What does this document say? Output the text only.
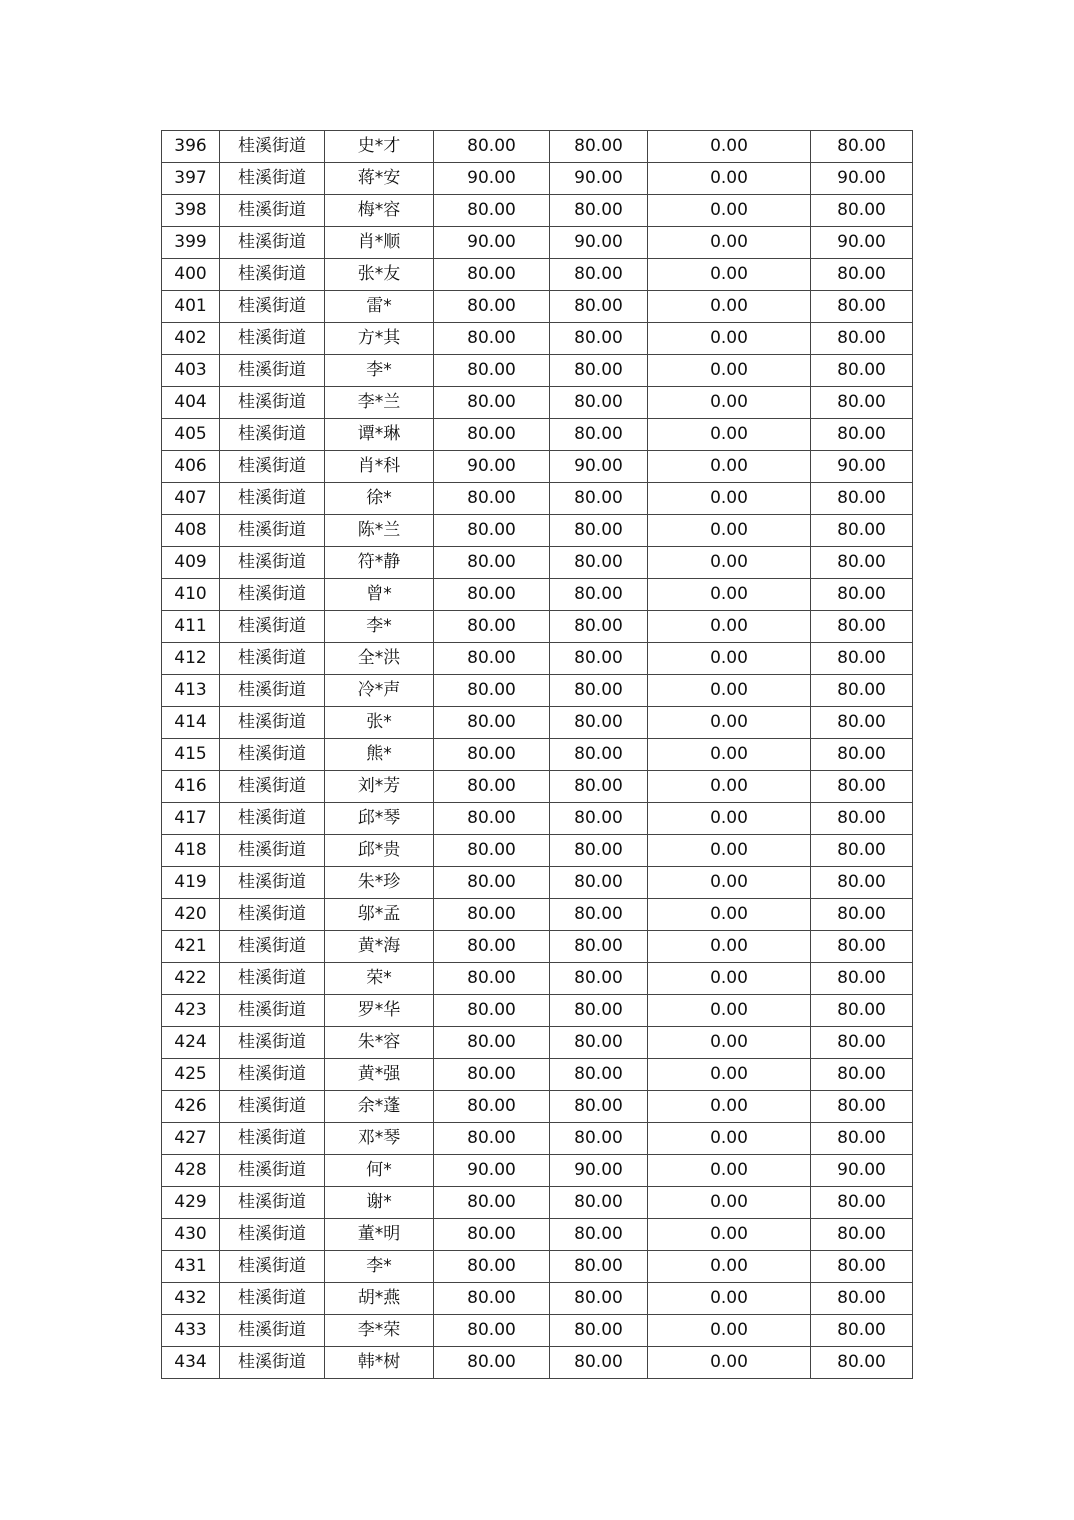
396	桂溪街道	史*才	80.00	80.00	0.00	80.00
397	桂溪街道	蒋*安	90.00	90.00	0.00	90.00
398	桂溪街道	梅*容	80.00	80.00	0.00	80.00
399	桂溪街道	肖*顺	90.00	90.00	0.00	90.00
400	桂溪街道	张*友	80.00	80.00	0.00	80.00
401	桂溪街道	雷*	80.00	80.00	0.00	80.00
402	桂溪街道	方*其	80.00	80.00	0.00	80.00
403	桂溪街道	李*	80.00	80.00	0.00	80.00
404	桂溪街道	李*兰	80.00	80.00	0.00	80.00
405	桂溪街道	谭*琳	80.00	80.00	0.00	80.00
406	桂溪街道	肖*科	90.00	90.00	0.00	90.00
407	桂溪街道	徐*	80.00	80.00	0.00	80.00
408	桂溪街道	陈*兰	80.00	80.00	0.00	80.00
409	桂溪街道	符*静	80.00	80.00	0.00	80.00
410	桂溪街道	曾*	80.00	80.00	0.00	80.00
411	桂溪街道	李*	80.00	80.00	0.00	80.00
412	桂溪街道	全*洪	80.00	80.00	0.00	80.00
413	桂溪街道	冷*声	80.00	80.00	0.00	80.00
414	桂溪街道	张*	80.00	80.00	0.00	80.00
415	桂溪街道	熊*	80.00	80.00	0.00	80.00
416	桂溪街道	刘*芳	80.00	80.00	0.00	80.00
417	桂溪街道	邱*琴	80.00	80.00	0.00	80.00
418	桂溪街道	邱*贵	80.00	80.00	0.00	80.00
419	桂溪街道	朱*珍	80.00	80.00	0.00	80.00
420	桂溪街道	邬*孟	80.00	80.00	0.00	80.00
421	桂溪街道	黄*海	80.00	80.00	0.00	80.00
422	桂溪街道	荣*	80.00	80.00	0.00	80.00
423	桂溪街道	罗*华	80.00	80.00	0.00	80.00
424	桂溪街道	朱*容	80.00	80.00	0.00	80.00
425	桂溪街道	黄*强	80.00	80.00	0.00	80.00
426	桂溪街道	余*蓬	80.00	80.00	0.00	80.00
427	桂溪街道	邓*琴	80.00	80.00	0.00	80.00
428	桂溪街道	何*	90.00	90.00	0.00	90.00
429	桂溪街道	谢*	80.00	80.00	0.00	80.00
430	桂溪街道	董*明	80.00	80.00	0.00	80.00
431	桂溪街道	李*	80.00	80.00	0.00	80.00
432	桂溪街道	胡*燕	80.00	80.00	0.00	80.00
433	桂溪街道	李*荣	80.00	80.00	0.00	80.00
434	桂溪街道	韩*树	80.00	80.00	0.00	80.00
